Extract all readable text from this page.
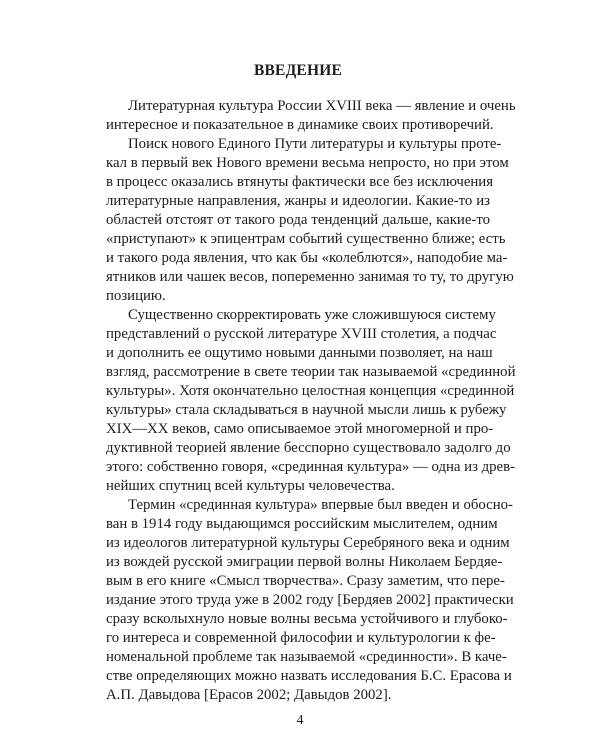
ВВЕДЕНИЕ
Литературная культура России XVIII века — явление и очень
интересное и показательное в динамике своих противоречий.
Поиск нового Единого Пути литературы и культуры протe-
кал в первый век Нового времени весьма непросто, но при этом
в процесс оказались втянуты фактически все без исключения
литературные направления, жанры и идеологии. Какие-то из
областей отстоят от такого рода тенденций дальше, какие-то
«приступают» к эпицентрам событий существенно ближе; есть
и такого рода явления, что как бы «колеблются», наподобие ма-
ятников или чашек весов, попеременно занимая то ту, то другую
позицию.
Существенно скорректировать уже сложившуюся систему
представлений о русской литературе XVIII столетия, а подчас
и дополнить ее ощутимо новыми данными позволяет, на наш
взгляд, рассмотрение в свете теории так называемой «срединной
культуры». Хотя окончательно целостная концепция «срединной
культуры» стала складываться в научной мысли лишь к рубежу
XIX—XX веков, само описываемое этой многомерной и про-
дуктивной теорией явление бесспорно существовало задолго до
этого: собственно говоря, «срединная культура» — одна из древ-
нейших спутниц всей культуры человечества.
Термин «срединная культура» впервые был введен и обосно-
ван в 1914 году выдающимся российским мыслителем, одним
из идеологов литературной культуры Серебряного века и одним
из вождей русской эмиграции первой волны Николаем Бердяе-
вым в его книге «Смысл творчества». Сразу заметим, что пере-
издание этого труда уже в 2002 году [Бердяев 2002] практически
сразу всколыхнуло новые волны весьма устойчивого и глубоко-
го интереса и современной философии и культурологии к фе-
номенальной проблеме так называемой «срединности». В каче-
стве определяющих можно назвать исследования Б.С. Ерасова и
А.П. Давыдова [Ерасов 2002; Давыдов 2002].
4
